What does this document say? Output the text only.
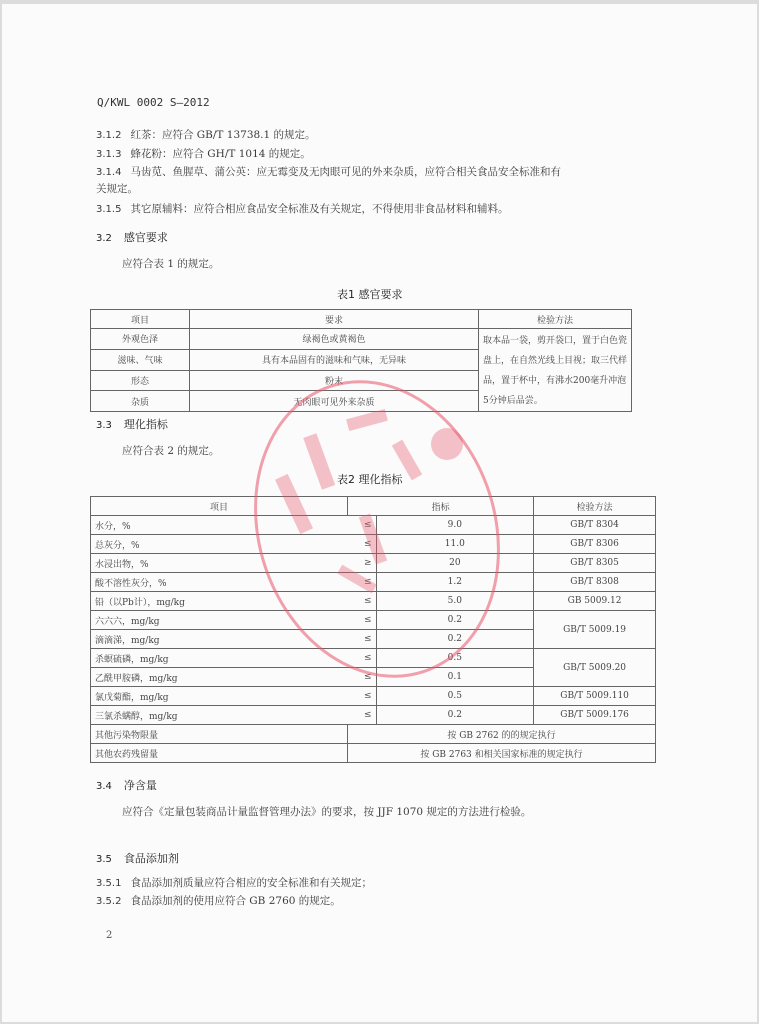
Q/KWL 0002 S—2012
3.1.2 红茶：应符合 GB/T 13738.1 的规定。
3.1.3 蜂花粉：应符合 GH/T 1014 的规定。
3.1.4 马齿苋、鱼腥草、蒲公英：应无霉变及无肉眼可见的外来杂质，应符合相关食品安全标准和有
关规定。
3.1.5 其它原辅料：应符合相应食品安全标准及有关规定，不得使用非食品材料和辅料。
3.2 感官要求
应符合表 1 的规定。
表1 感官要求
项目	要求	检验方法
外观色泽	绿褐色或黄褐色	取本品一袋，剪开袋口，置于白色瓷盘上，在自然光线上目视；取三代样品，置于杯中，有沸水200毫升冲泡5分钟后品尝。
滋味、气味	具有本品固有的滋味和气味，无异味	
形态	粉末	
杂质	无肉眼可见外来杂质	
3.3 理化指标
应符合表 2 的规定。
表2 理化指标
项目	指标		检验方法
水分，%	≤	9.0	GB/T 8304
总灰分，%	≤	11.0	GB/T 8306
水浸出物，%	≥	20	GB/T 8305
酸不溶性灰分，%	≤	1.2	GB/T 8308
铅（以Pb计），mg/kg	≤	5.0	GB 5009.12
六六六，mg/kg	≤	0.2	GB/T 5009.19
滴滴涕，mg/kg	≤	0.2	
杀螟硫磷，mg/kg	≤	0.5	GB/T 5009.20
乙酰甲胺磷，mg/kg	≤	0.1	
氯戊菊酯，mg/kg	≤	0.5	GB/T 5009.110
三氯杀螨醇，mg/kg	≤	0.2	GB/T 5009.176
其他污染物限量	按 GB 2762 的的规定执行		
其他农药残留量	按 GB 2763 和相关国家标准的规定执行		
3.4 净含量
应符合《定量包装商品计量监督管理办法》的要求，按 JJF 1070 规定的方法进行检验。
3.5 食品添加剂
3.5.1 食品添加剂质量应符合相应的安全标准和有关规定；
3.5.2 食品添加剂的使用应符合 GB 2760 的规定。
2
